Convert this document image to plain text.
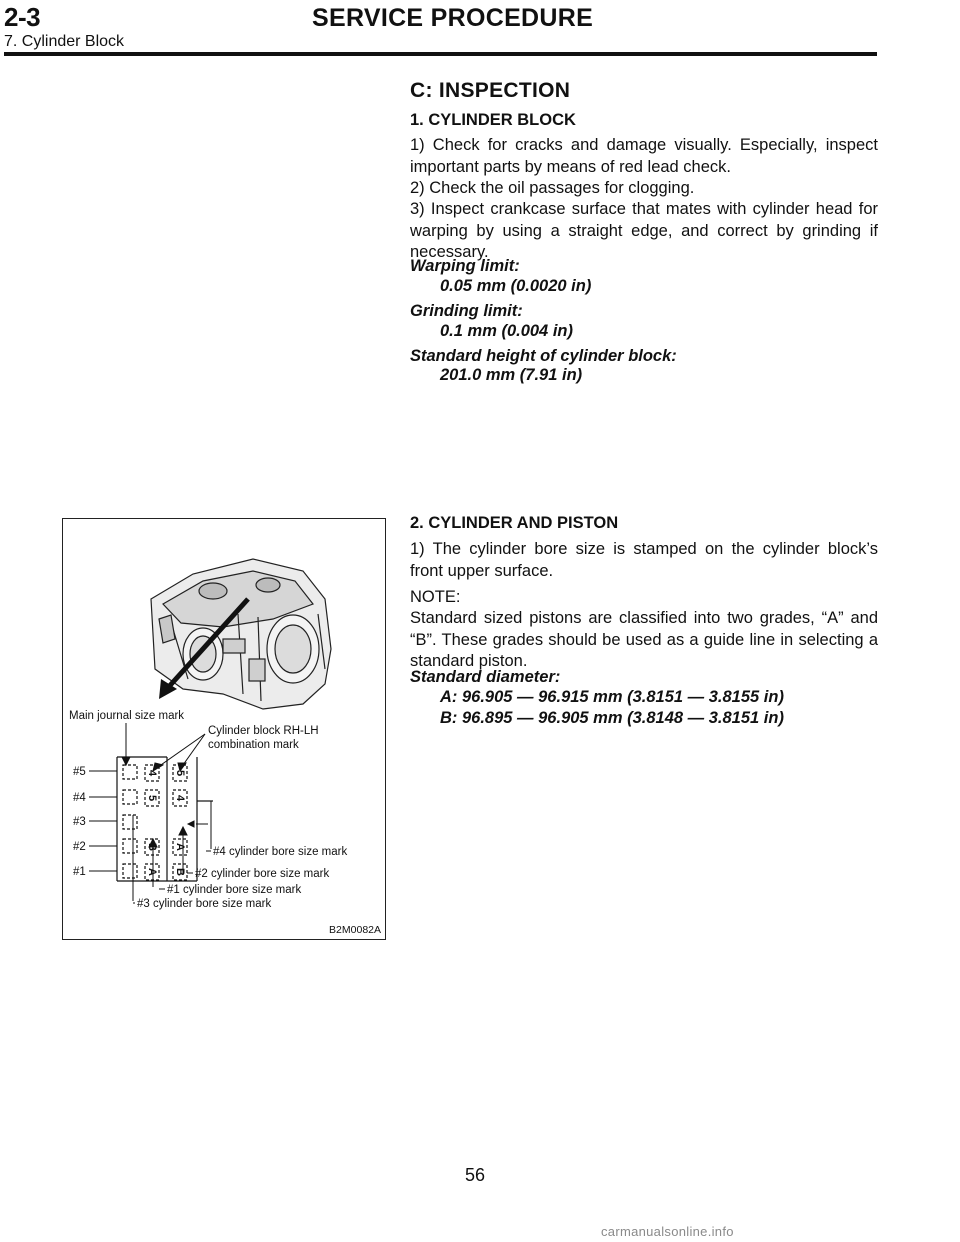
2-3	SERVICE PROCEDURE
7. Cylinder Block
C: INSPECTION
1. CYLINDER BLOCK
1) Check for cracks and damage visually. Especially, inspect important parts by means of red lead check.
2) Check the oil passages for clogging.
3) Inspect crankcase surface that mates with cylinder head for warping by using a straight edge, and correct by grinding if necessary.
Warping limit:
0.05 mm (0.0020 in)
Grinding limit:
0.1 mm (0.004 in)
Standard height of cylinder block:
201.0 mm (7.91 in)
2. CYLINDER AND PISTON
1) The cylinder bore size is stamped on the cylinder block’s front upper surface.
NOTE:
Standard sized pistons are classified into two grades, “A” and “B”. These grades should be used as a guide line in selecting a standard piston.
Standard diameter:
A: 96.905 — 96.915 mm (3.8151 — 3.8155 in)
B: 96.895 — 96.905 mm (3.8148 — 3.8151 in)
Main journal size mark
Cylinder block RH-LH
combination mark
#5
#4
#3
#2
#1
4
5
B
A
5
4
A
B
#4 cylinder bore size mark
#2 cylinder bore size mark
#1 cylinder bore size mark
#3 cylinder bore size mark
B2M0082A
56
carmanualsonline.info
